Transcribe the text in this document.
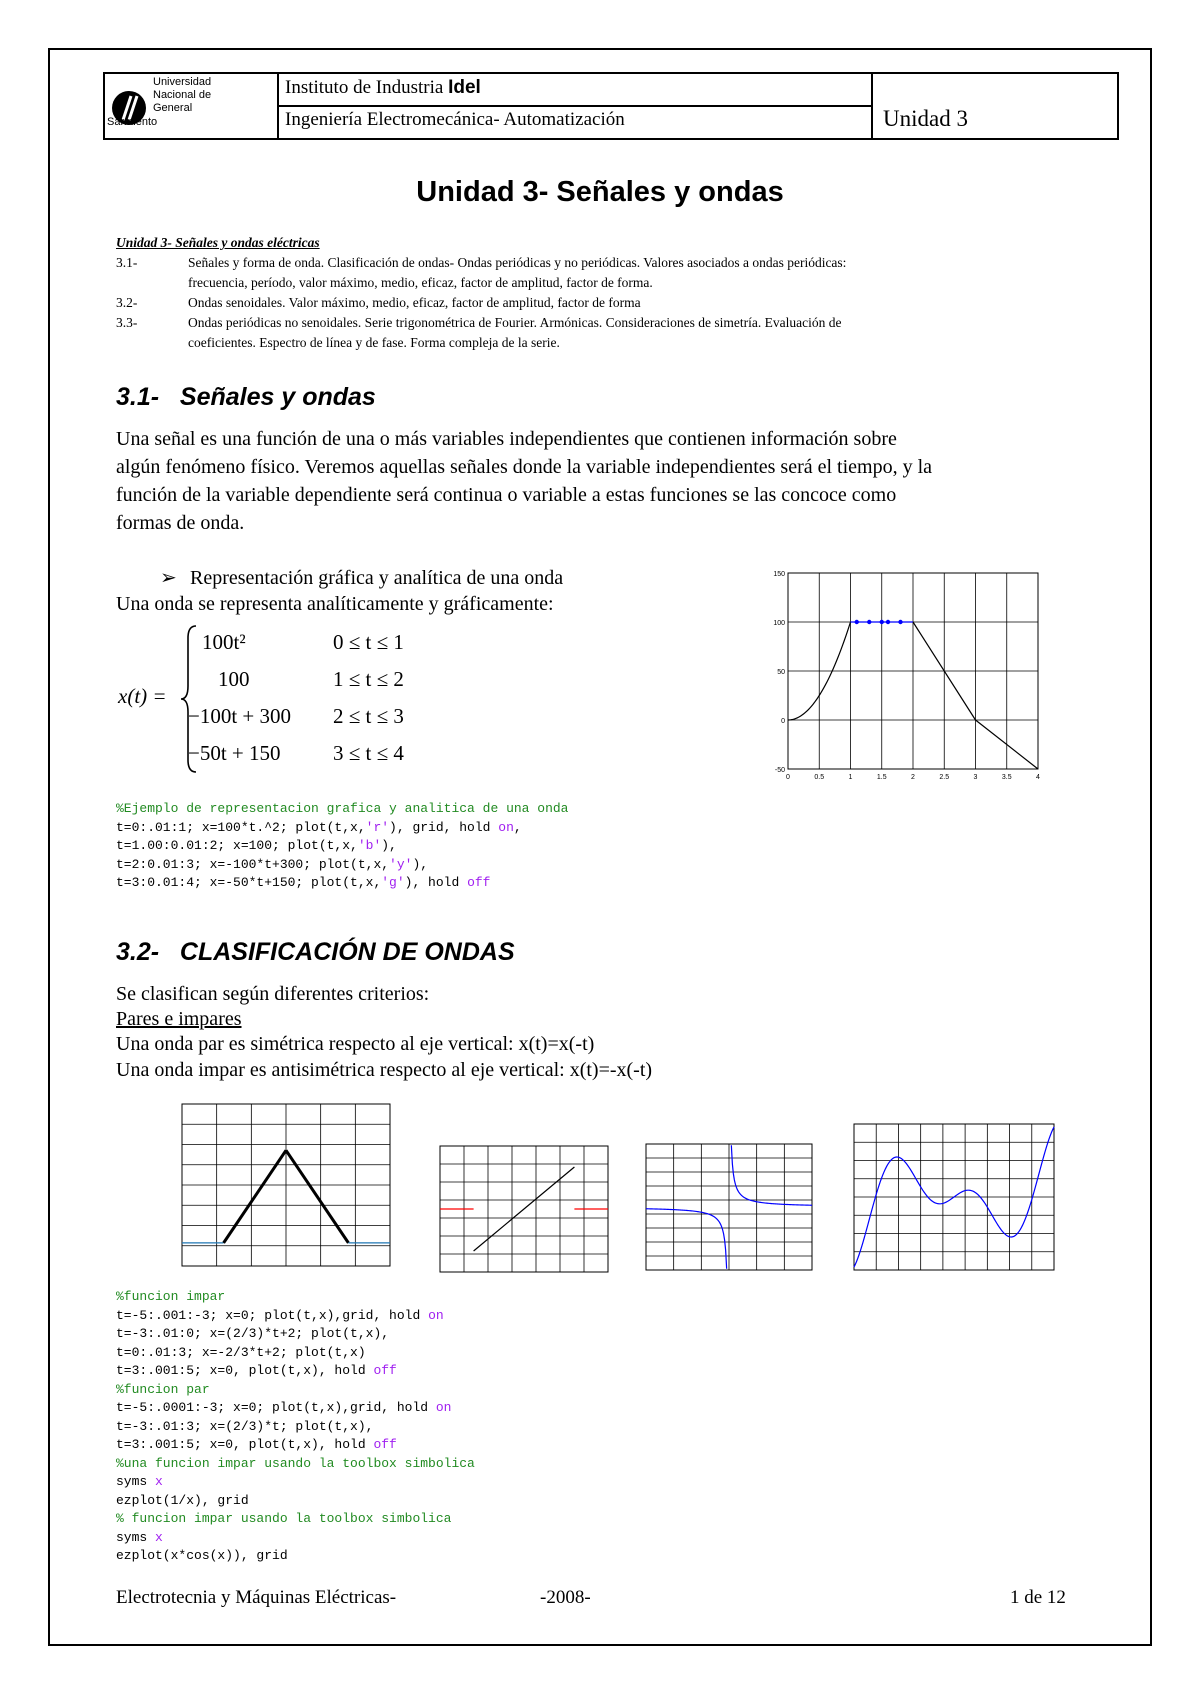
Universidad
Nacional de
General
Sarmiento
Instituto de Industria Idel
Ingeniería Electromecánica- Automatización	Unidad 3
Unidad 3- Señales y ondas
Unidad 3- Señales y ondas eléctricas
3.1-	Señales y forma de onda. Clasificación de ondas- Ondas periódicas y no periódicas. Valores asociados a ondas periódicas:
frecuencia, período, valor máximo, medio, eficaz, factor de amplitud, factor de forma.
3.2-	Ondas senoidales. Valor máximo, medio, eficaz, factor de amplitud, factor de forma
3.3-	Ondas periódicas no senoidales. Serie trigonométrica de Fourier. Armónicas. Consideraciones de simetría. Evaluación de
coeficientes. Espectro de línea y de fase. Forma compleja de la serie.
3.1-   Señales y ondas
Una señal es una función de una o más variables independientes que contienen información sobre
algún fenómeno físico. Veremos aquellas señales donde la variable independientes será el tiempo, y la
función de la variable dependiente será continua o variable a estas funciones se las concoce como
formas de onda.
➢ Representación gráfica y analítica de una onda
Una onda se representa analíticamente y gráficamente:
x(t) =
100t²	0 ≤ t ≤ 1
100	1 ≤ t ≤ 2
−100t + 300 2 ≤ t ≤ 3
−50t + 150 3 ≤ t ≤ 4
0	0.5	1	1.5	2	2.5	3	3.5	4
-50
0
50
100
150
%Ejemplo de representacion grafica y analitica de una onda
t=0:.01:1; x=100*t.^2; plot(t,x,'r'), grid, hold on,
t=1.00:0.01:2; x=100; plot(t,x,'b'),
t=2:0.01:3; x=-100*t+300; plot(t,x,'y'),
t=3:0.01:4; x=-50*t+150; plot(t,x,'g'), hold off
3.2-   CLASIFICACIÓN DE ONDAS
Se clasifican según diferentes criterios:
Pares e impares
Una onda par es simétrica respecto al eje vertical: x(t)=x(-t)
Una onda impar es antisimétrica respecto al eje vertical: x(t)=-x(-t)
%funcion impar
t=-5:.001:-3; x=0; plot(t,x),grid, hold on
t=-3:.01:0; x=(2/3)*t+2; plot(t,x),
t=0:.01:3; x=-2/3*t+2; plot(t,x)
t=3:.001:5; x=0, plot(t,x), hold off
%funcion par
t=-5:.0001:-3; x=0; plot(t,x),grid, hold on
t=-3:.01:3; x=(2/3)*t; plot(t,x),
t=3:.001:5; x=0, plot(t,x), hold off
%una funcion impar usando la toolbox simbolica
syms x
ezplot(1/x), grid
% funcion impar usando la toolbox simbolica
syms x
ezplot(x*cos(x)), grid
Electrotecnia y Máquinas Eléctricas-	-2008-	1 de 12
